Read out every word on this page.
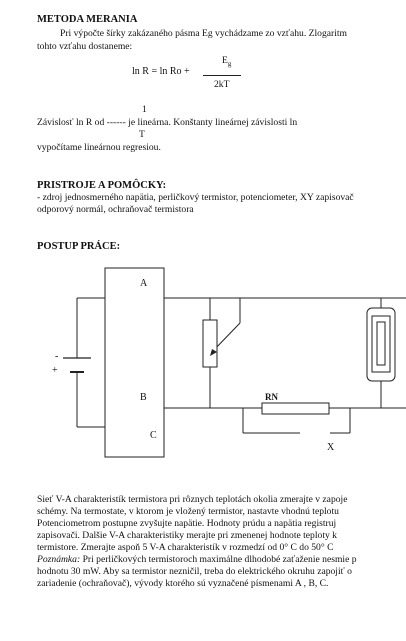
METODA MERANIA
Pri výpočte šírky zakázaného pásma Eg vychádzame zo vzťahu. Zlogaritm
tohto vzťahu dostaneme:
ln R = ln Ro +
$E_g$
2kT
1
Závislosť ln R od ------ je lineárna. Konštanty lineárnej závislosti ln
T
vypočítame lineárnou regresiou.
PRISTROJE A POMÔCKY:
- zdroj jednosmerného napätia, perličkový termistor, potenciometer, XY zapisovač
odporový normál, ochraňovač termistora
POSTUP PRÁCE:
A
B
C
-
+
RN
X
Sieť V-A charakteristík termistora pri rôznych teplotách okolia zmerajte v zapoje
schémy. Na termostate, v ktorom je vložený termistor, nastavte vhodnú teplotu
Potenciometrom postupne zvyšujte napätie. Hodnoty prúdu a napätia registruj
zapisovači. Dalšie V-A charakteristiky merajte pri zmenenej hodnote teploty k
termistore. Zmerajte aspoň 5 V-A charakteristík v rozmedzí od 0° C do 50° C
Poznámka: Pri perličkových termistoroch maximálne dlhodobé zaťaženie nesmie p
hodnotu 30 mW. Aby sa termistor nezničil, treba do elektrického okruhu zapojiť o
zariadenie (ochraňovač), vývody ktorého sú vyznačené písmenami A , B, C.
